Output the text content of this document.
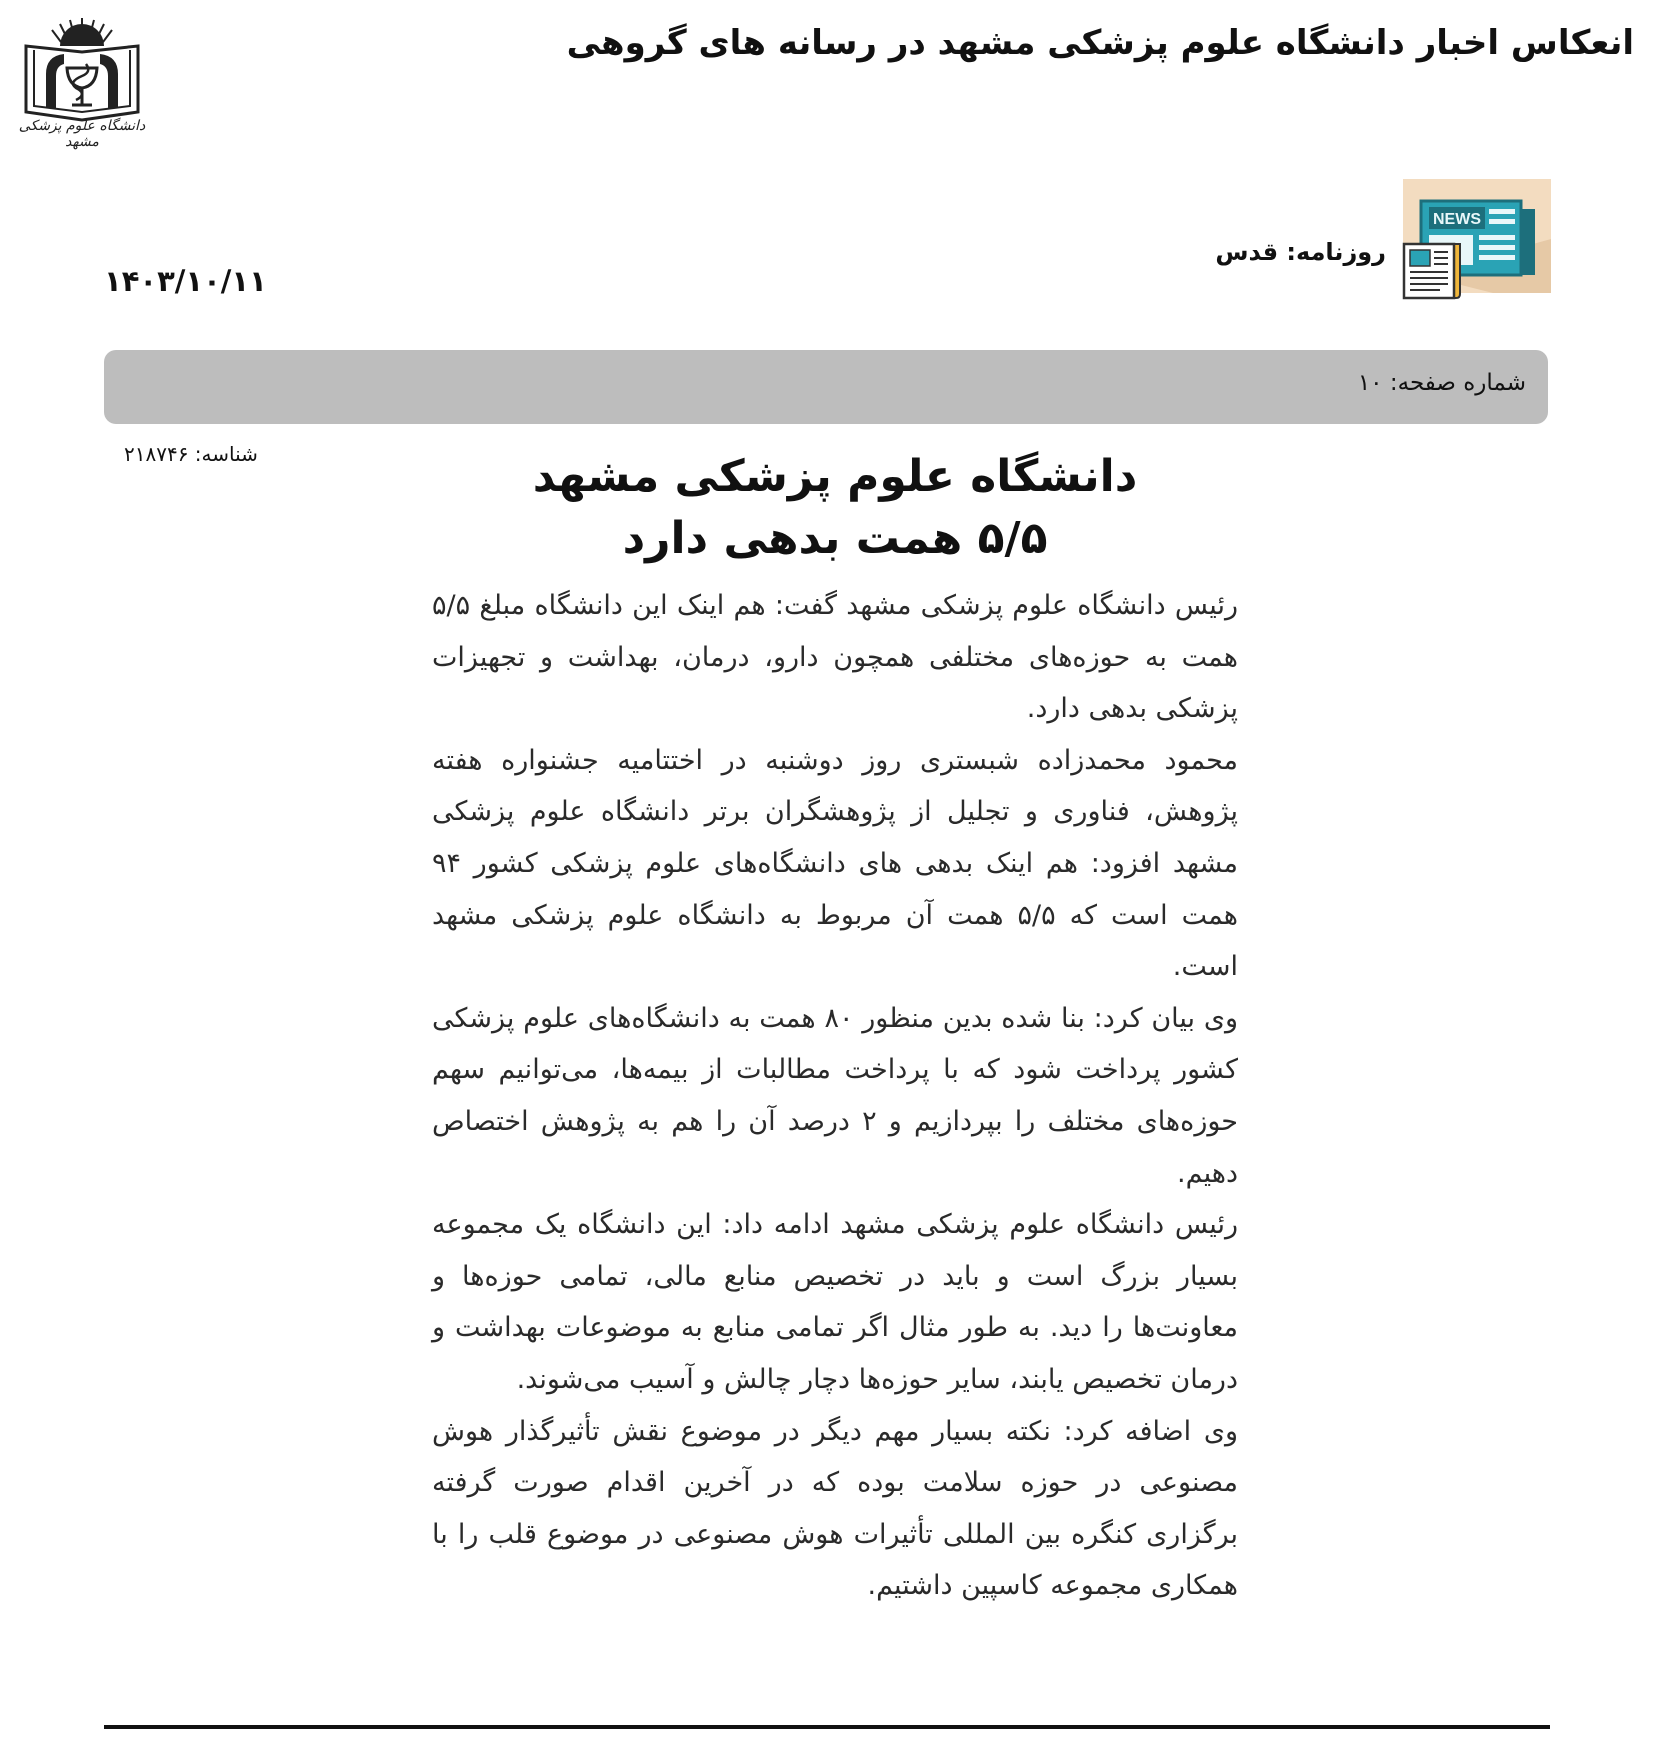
انعکاس اخبار دانشگاه علوم پزشکی مشهد در رسانه های گروهی
دانشگاه علوم پزشکی مشهد
NEWS
روزنامه: قدس
۱۴۰۳/۱۰/۱۱
شماره صفحه: ۱۰
شناسه: ۲۱۸۷۴۶	دانشگاه علوم پزشکی مشهد
۵/۵ همت بدهی دارد

رئیس دانشگاه علوم پزشکی مشهد گفت: هم اینک این دانشگاه مبلغ ۵/۵ همت به حوزه‌های مختلفی همچون دارو، درمان، بهداشت و تجهیزات پزشکی بدهی دارد.

محمود محمدزاده شبستری روز دوشنبه در اختتامیه جشنواره هفته پژوهش، فناوری و تجلیل از پژوهشگران برتر دانشگاه علوم پزشکی مشهد افزود: هم اینک بدهی های دانشگاه‌های علوم پزشکی کشور ۹۴ همت است که ۵/۵ همت آن مربوط به دانشگاه علوم پزشکی مشهد است.

وی بیان کرد: بنا شده بدین منظور ۸۰ همت به دانشگاه‌های علوم پزشکی کشور پرداخت شود که با پرداخت مطالبات از بیمه‌ها، می‌توانیم سهم حوزه‌های مختلف را بپردازیم و ۲ درصد آن را هم به پژوهش اختصاص دهیم.

رئیس دانشگاه علوم پزشکی مشهد ادامه داد: این دانشگاه یک مجموعه بسیار بزرگ است و باید در تخصیص منابع مالی، تمامی حوزه‌ها و معاونت‌ها را دید. به طور مثال اگر تمامی منابع به موضوعات بهداشت و درمان تخصیص یابند، سایر حوزه‌ها دچار چالش و آسیب می‌شوند.

وی اضافه کرد: نکته بسیار مهم دیگر در موضوع نقش تأثیرگذار هوش مصنوعی در حوزه سلامت بوده که در آخرین اقدام صورت گرفته برگزاری کنگره بین المللی تأثیرات هوش مصنوعی در موضوع قلب را با همکاری مجموعه کاسپین داشتیم.
